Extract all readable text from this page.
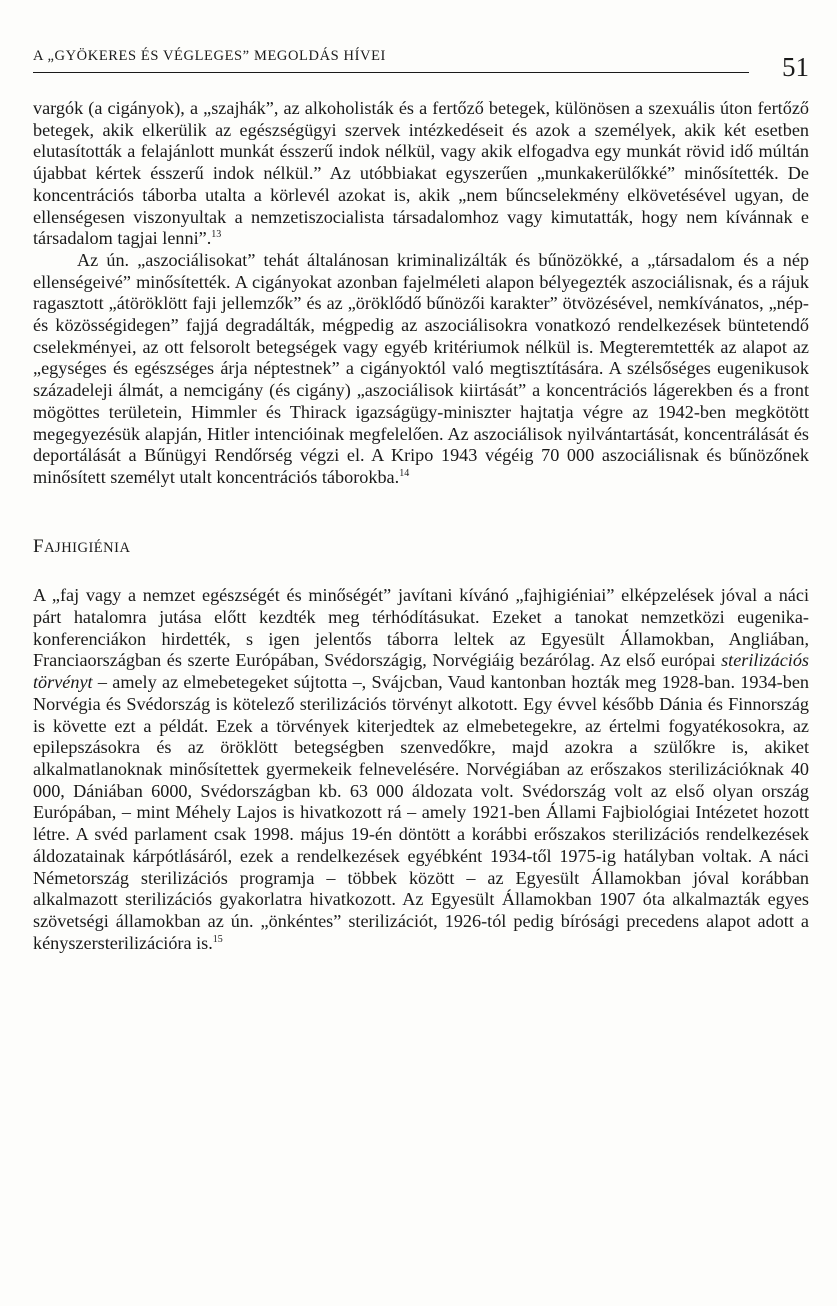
A „GYÖKERES ÉS VÉGLEGES” MEGOLDÁS HÍVEI	51

vargók (a cigányok), a „szajhák”, az alkoholisták és a fertőző betegek, különösen a szexuális úton fertőző betegek, akik elkerülik az egészségügyi szervek intézkedéseit és azok a személyek, akik két esetben elutasították a felajánlott munkát ésszerű indok nélkül, vagy akik elfogadva egy munkát rövid idő múltán újabbat kértek ésszerű indok nélkül.” Az utóbbiakat egyszerűen „munkakerülőkké” minősítették. De koncentrációs táborba utalta a körlevél azokat is, akik „nem bűncselekmény elkövetésével ugyan, de ellenségesen viszonyultak a nemzetiszocialista társadalomhoz vagy kimutatták, hogy nem kívánnak e társadalom tagjai lenni”.$^{13}$

Az ún. „aszociálisokat” tehát általánosan kriminalizálták és bűnözökké, a „társadalom és a nép ellenségeivé” minősítették. A cigányokat azonban fajelméleti alapon bélyegezték aszociálisnak, és a rájuk ragasztott „átöröklött faji jellemzők” és az „öröklődő bűnözői karakter” ötvözésével, nemkívánatos, „nép- és közösségidegen” fajjá degradálták, mégpedig az aszociálisokra vonatkozó rendelkezések büntetendő cselekményei, az ott felsorolt betegségek vagy egyéb kritériumok nélkül is. Megteremtették az alapot az „egységes és egészséges árja néptestnek” a cigányoktól való megtisztítására. A szélsőséges eugenikusok századeleji álmát, a nemcigány (és cigány) „aszociálisok kiirtását” a koncentrációs lágerekben és a front mögöttes területein, Himmler és Thirack igazságügy-miniszter hajtatja végre az 1942-ben megkötött megegyezésük alapján, Hitler intencióinak megfelelően. Az aszociálisok nyilvántartását, koncentrálását és deportálását a Bűnügyi Rendőrség végzi el. A Kripo 1943 végéig 70 000 aszociálisnak és bűnözőnek minősített személyt utalt koncentrációs táborokba.$^{14}$

FAJHIGIÉNIA

A „faj vagy a nemzet egészségét és minőségét” javítani kívánó „fajhigiéniai” elképzelések jóval a náci párt hatalomra jutása előtt kezdték meg térhódításukat. Ezeket a tanokat nemzetközi eugenika-konferenciákon hirdették, s igen jelentős táborra leltek az Egyesült Államokban, Angliában, Franciaországban és szerte Európában, Svédországig, Norvégiáig bezárólag. Az első európai sterilizációs törvényt – amely az elmebetegeket sújtotta –, Svájcban, Vaud kantonban hozták meg 1928-ban. 1934-ben Norvégia és Svédország is kötelező sterilizációs törvényt alkotott. Egy évvel később Dánia és Finnország is követte ezt a példát. Ezek a törvények kiterjedtek az elmebetegekre, az értelmi fogyatékosokra, az epilepszásokra és az öröklött betegségben szenvedőkre, majd azokra a szülőkre is, akiket alkalmatlanoknak minősítettek gyermekeik felnevelésére. Norvégiában az erőszakos sterilizációknak 40 000, Dániában 6000, Svédországban kb. 63 000 áldozata volt. Svédország volt az első olyan ország Európában, – mint Méhely Lajos is hivatkozott rá – amely 1921-ben Állami Fajbiológiai Intézetet hozott létre. A svéd parlament csak 1998. május 19-én döntött a korábbi erőszakos sterilizációs rendelkezések áldozatainak kárpótlásáról, ezek a rendelkezések egyébként 1934-től 1975-ig hatályban voltak. A náci Németország sterilizációs programja – többek között – az Egyesült Államokban jóval korábban alkalmazott sterilizációs gyakorlatra hivatkozott. Az Egyesült Államokban 1907 óta alkalmazták egyes szövetségi államokban az ún. „önkéntes” sterilizációt, 1926-tól pedig bírósági precedens alapot adott a kényszersterilizációra is.$^{15}$
